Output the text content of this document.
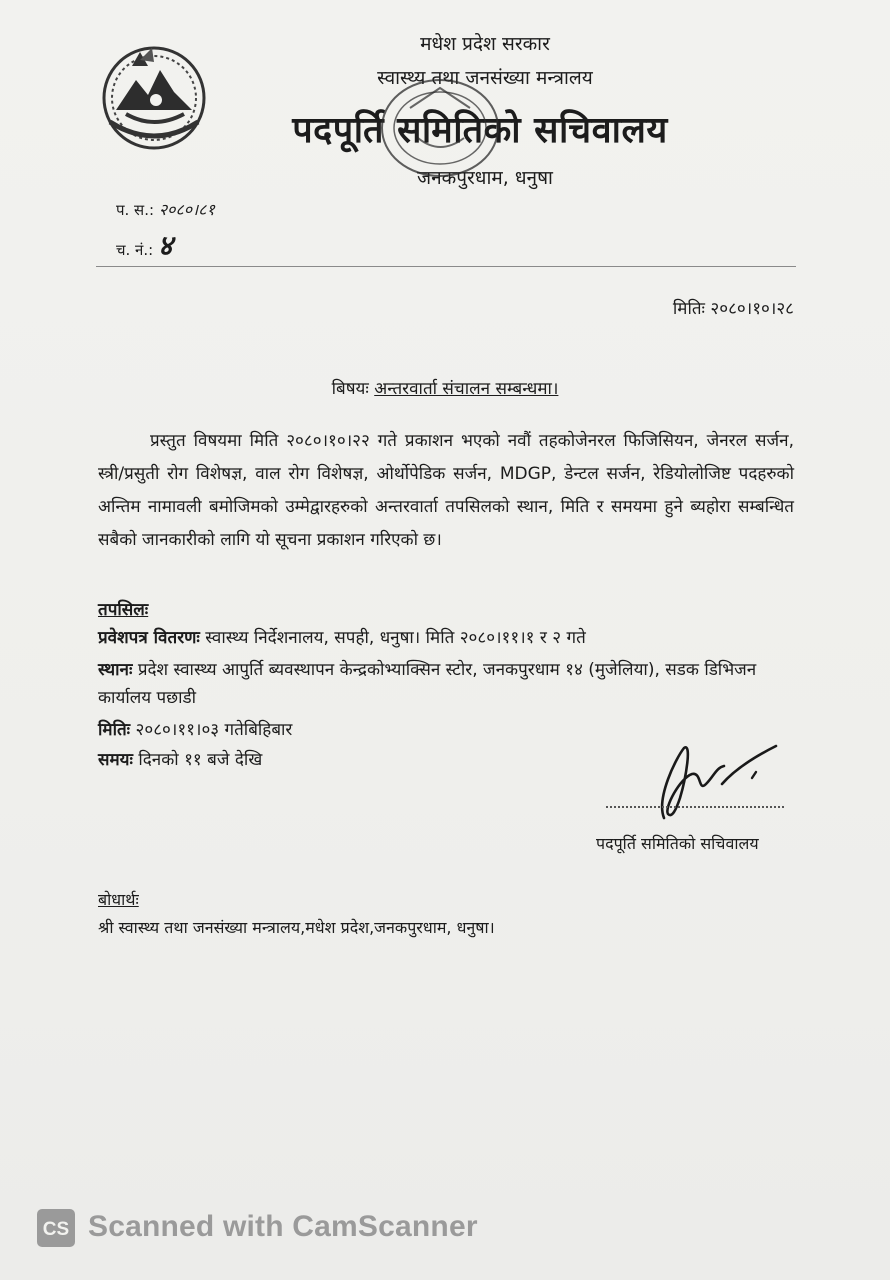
मधेश प्रदेश सरकार
स्वास्थ्य तथा जनसंख्या मन्त्रालय
पदपूर्ति समितिको सचिवालय
जनकपुरधाम, धनुषा
प. स.: २०८०।८१
च. नं.: ४
मितिः २०८०।१०।२८
बिषयः अन्तरवार्ता संचालन सम्बन्धमा।
प्रस्तुत विषयमा मिति २०८०।१०।२२ गते प्रकाशन भएको नवौं तहकोजेनरल फिजिसियन, जेनरल सर्जन, स्त्री/प्रसुती रोग विशेषज्ञ, वाल रोग विशेषज्ञ, ओर्थोपेडिक सर्जन, MDGP, डेन्टल सर्जन, रेडियोलोजिष्ट पदहरुको अन्तिम नामावली बमोजिमको उम्मेद्वारहरुको अन्तरवार्ता तपसिलको स्थान, मिति र समयमा हुने ब्यहोरा सम्बन्धित सबैको जानकारीको लागि यो सूचना प्रकाशन गरिएको छ।
तपसिलः
प्रवेशपत्र वितरणः स्वास्थ्य निर्देशनालय, सपही, धनुषा। मिति २०८०।११।१ र २ गते
स्थानः प्रदेश स्वास्थ्य आपुर्ति ब्यवस्थापन केन्द्रकोभ्याक्सिन स्टोर, जनकपुरधाम १४ (मुजेलिया), सडक डिभिजन कार्यालय पछाडी
मितिः २०८०।११।०३ गतेबिहिबार
समयः दिनको ११ बजे देखि
पदपूर्ति समितिको सचिवालय
बोधार्थः
श्री स्वास्थ्य तथा जनसंख्या मन्त्रालय,मधेश प्रदेश,जनकपुरधाम, धनुषा।
CS Scanned with CamScanner
